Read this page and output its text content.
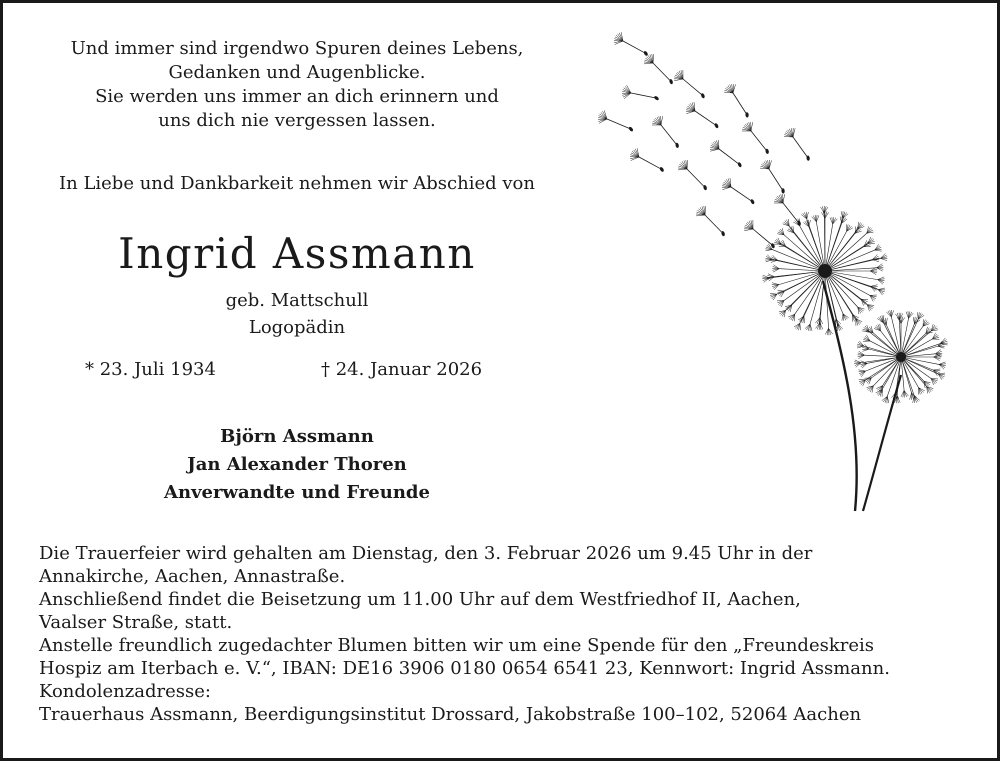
Und immer sind irgendwo Spuren deines Lebens,
Gedanken und Augenblicke.
Sie werden uns immer an dich erinnern und
uns dich nie vergessen lassen.
In Liebe und Dankbarkeit nehmen wir Abschied von
Ingrid Assmann
geb. Mattschull
Logopädin
* 23. Juli 1934	† 24. Januar 2026
Björn Assmann
Jan Alexander Thoren
Anverwandte und Freunde
Die Trauerfeier wird gehalten am Dienstag, den 3. Februar 2026 um 9.45 Uhr in der
Annakirche, Aachen, Annastraße.
Anschließend findet die Beisetzung um 11.00 Uhr auf dem Westfriedhof II, Aachen,
Vaalser Straße, statt.
Anstelle freundlich zugedachter Blumen bitten wir um eine Spende für den „Freundeskreis
Hospiz am Iterbach e. V.“, IBAN: DE16 3906 0180 0654 6541 23, Kennwort: Ingrid Assmann.
Kondolenzadresse:
Trauerhaus Assmann, Beerdigungsinstitut Drossard, Jakobstraße 100–102, 52064 Aachen
